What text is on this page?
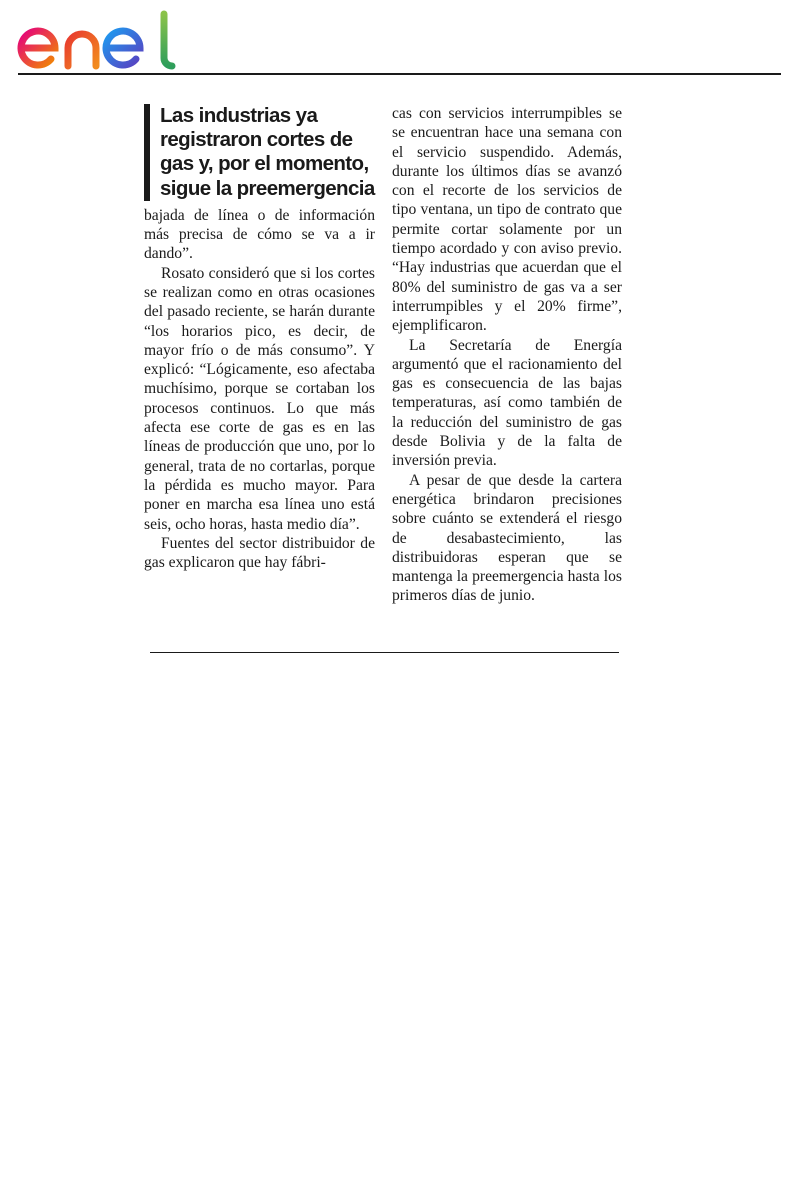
Las industrias ya registraron cortes de gas y, por el momento, sigue la preemergencia

bajada de línea o de información más precisa de cómo se va a ir dando”.

Rosato consideró que si los cortes se realizan como en otras ocasiones del pasado reciente, se harán durante “los horarios pico, es decir, de mayor frío o de más consumo”. Y explicó: “Lógicamente, eso afectaba muchísimo, porque se cortaban los procesos continuos. Lo que más afecta ese corte de gas es en las líneas de producción que uno, por lo general, trata de no cortarlas, porque la pérdida es mucho mayor. Para poner en marcha esa línea uno está seis, ocho horas, hasta medio día”.

Fuentes del sector distribuidor de gas explicaron que hay fábri-

cas con servicios interrumpibles se se encuentran hace una semana con el servicio suspendido. Además, durante los últimos días se avanzó con el recorte de los servicios de tipo ventana, un tipo de contrato que permite cortar solamente por un tiempo acordado y con aviso previo. “Hay industrias que acuerdan que el 80% del suministro de gas va a ser interrumpibles y el 20% firme”, ejemplificaron.

La Secretaría de Energía argumentó que el racionamiento del gas es consecuencia de las bajas temperaturas, así como también de la reducción del suministro de gas desde Bolivia y de la falta de inversión previa.

A pesar de que desde la cartera energética brindaron precisiones sobre cuánto se extenderá el riesgo de desabastecimiento, las distribuidoras esperan que se mantenga la preemergencia hasta los primeros días de junio.
